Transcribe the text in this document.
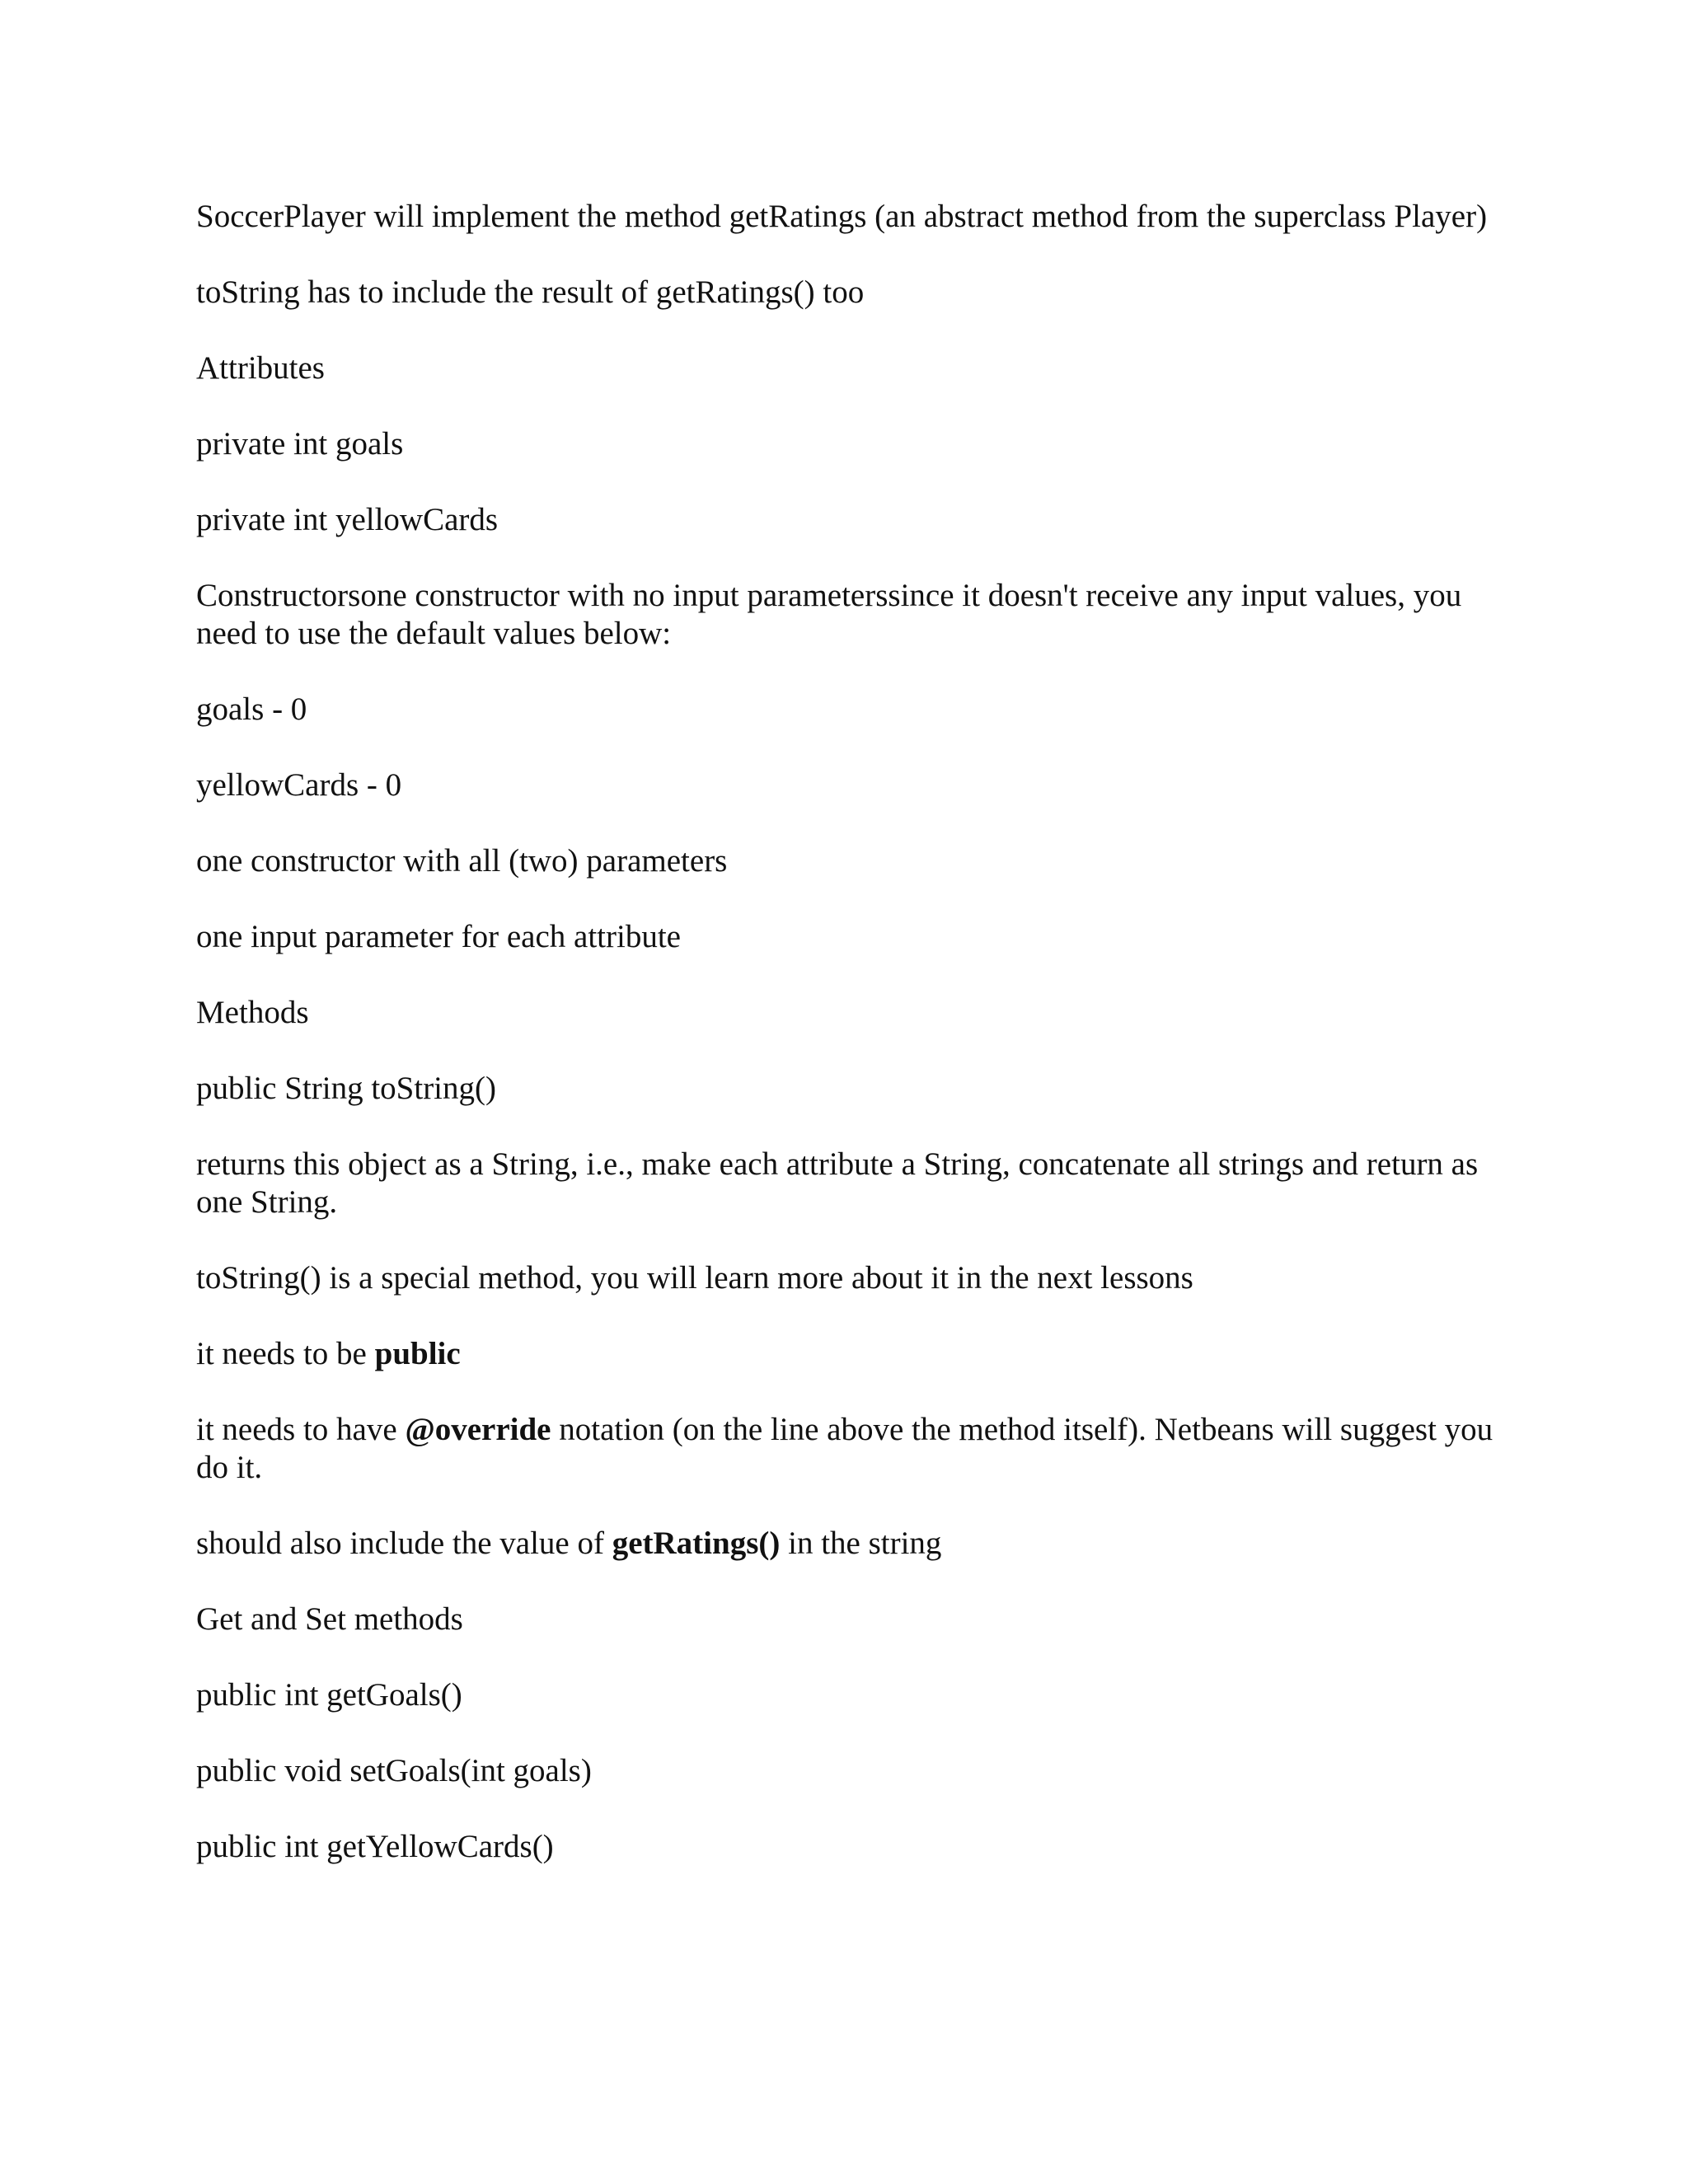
SoccerPlayer will implement the method getRatings (an abstract method from the superclass Player)

toString has to include the result of getRatings() too

Attributes

private int goals

private int yellowCards

Constructorsone constructor with no input parameterssince it doesn't receive any input values, you need to use the default values below:

goals - 0

yellowCards - 0

one constructor with all (two) parameters

one input parameter for each attribute

Methods

public String toString()

returns this object as a String, i.e., make each attribute a String, concatenate all strings and return as one String.

toString() is a special method, you will learn more about it in the next lessons

it needs to be public

it needs to have @override notation (on the line above the method itself). Netbeans will suggest you do it.

should also include the value of getRatings() in the string

Get and Set methods

public int getGoals()

public void setGoals(int goals)

public int getYellowCards()
